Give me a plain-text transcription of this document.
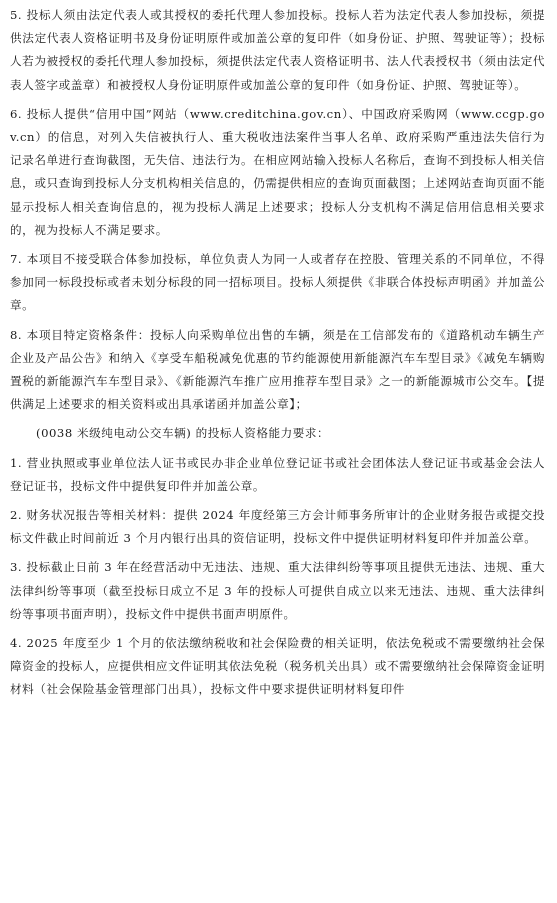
5. 投标人须由法定代表人或其授权的委托代理人参加投标。投标人若为法定代表人参加投标，须提供法定代表人资格证明书及身份证明原件或加盖公章的复印件（如身份证、护照、驾驶证等）；投标人若为被授权的委托代理人参加投标，须提供法定代表人资格证明书、法人代表授权书（须由法定代表人签字或盖章）和被授权人身份证明原件或加盖公章的复印件（如身份证、护照、驾驶证等）。

6. 投标人提供“信用中国”网站（www.creditchina.gov.cn）、中国政府采购网（www.ccgp.gov.cn）的信息，对列入失信被执行人、重大税收违法案件当事人名单、政府采购严重违法失信行为记录名单进行查询截图，无失信、违法行为。在相应网站输入投标人名称后，查询不到投标人相关信息，或只查询到投标人分支机构相关信息的，仍需提供相应的查询页面截图；上述网站查询页面不能显示投标人相关查询信息的，视为投标人满足上述要求；投标人分支机构不满足信用信息相关要求的，视为投标人不满足要求。

7. 本项目不接受联合体参加投标，单位负责人为同一人或者存在控股、管理关系的不同单位，不得参加同一标段投标或者未划分标段的同一招标项目。投标人须提供《非联合体投标声明函》并加盖公章。

8. 本项目特定资格条件：投标人向采购单位出售的车辆，须是在工信部发布的《道路机动车辆生产企业及产品公告》和纳入《享受车船税减免优惠的节约能源使用新能源汽车车型目录》《减免车辆购置税的新能源汽车车型目录》、《新能源汽车推广应用推荐车型目录》之一的新能源城市公交车。【提供满足上述要求的相关资料或出具承诺函并加盖公章】；

(0038 米级纯电动公交车辆) 的投标人资格能力要求：

1. 营业执照或事业单位法人证书或民办非企业单位登记证书或社会团体法人登记证书或基金会法人登记证书，投标文件中提供复印件并加盖公章。

2. 财务状况报告等相关材料：提供 2024 年度经第三方会计师事务所审计的企业财务报告或提交投标文件截止时间前近 3 个月内银行出具的资信证明，投标文件中提供证明材料复印件并加盖公章。

3. 投标截止日前 3 年在经营活动中无违法、违规、重大法律纠纷等事项且提供无违法、违规、重大法律纠纷等事项（截至投标日成立不足 3 年的投标人可提供自成立以来无违法、违规、重大法律纠纷等事项书面声明），投标文件中提供书面声明原件。

4. 2025 年度至少 1 个月的依法缴纳税收和社会保险费的相关证明，依法免税或不需要缴纳社会保障资金的投标人，应提供相应文件证明其依法免税（税务机关出具）或不需要缴纳社会保障资金证明材料（社会保险基金管理部门出具），投标文件中要求提供证明材料复印件
